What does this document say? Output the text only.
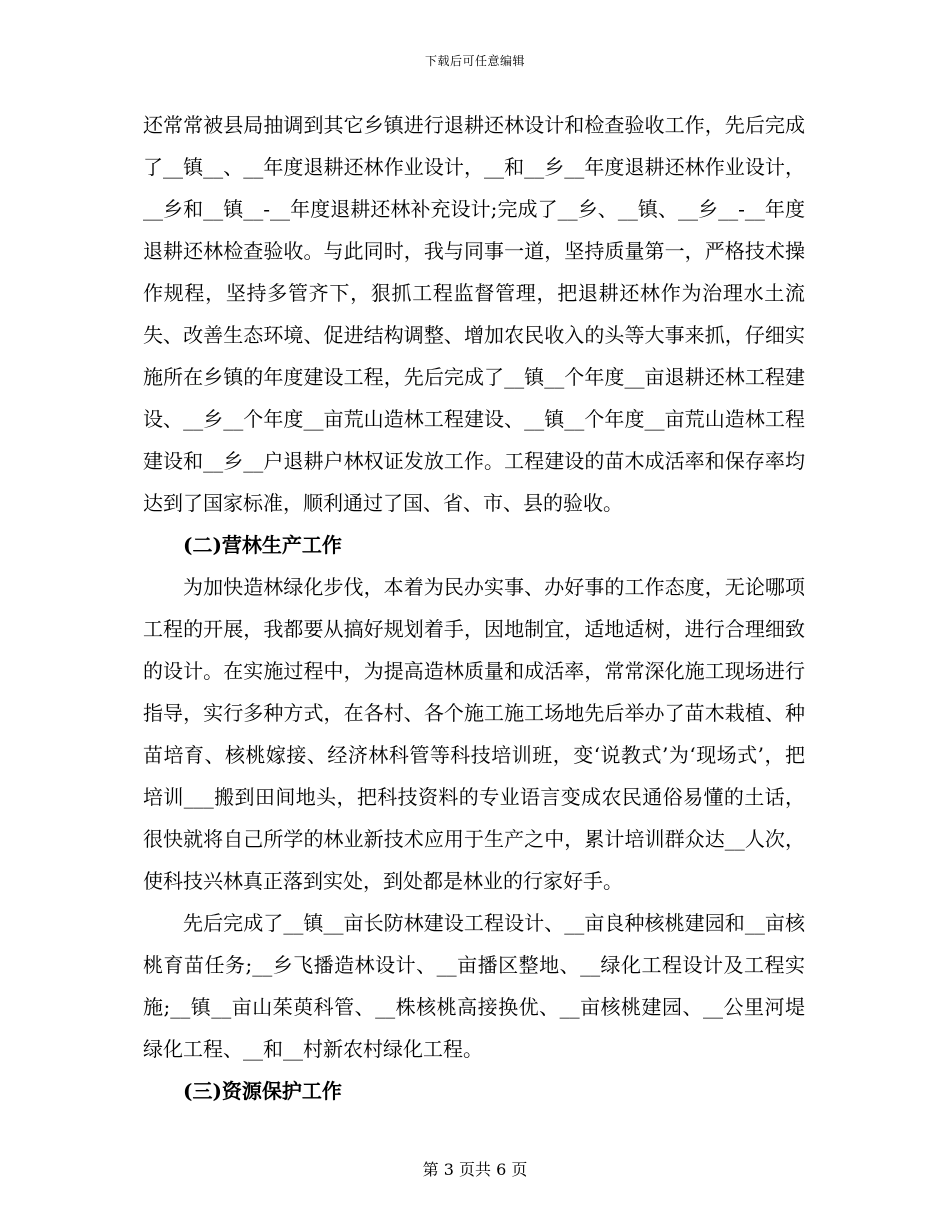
下载后可任意编辑

还常常被县局抽调到其它乡镇进行退耕还林设计和检查验收工作，先后完成了__镇__、__年度退耕还林作业设计，__和__乡__年度退耕还林作业设计，__乡和__镇__-__年度退耕还林补充设计;完成了__乡、__镇、__乡__-__年度退耕还林检查验收。与此同时，我与同事一道，坚持质量第一，严格技术操作规程，坚持多管齐下，狠抓工程监督管理，把退耕还林作为治理水土流失、改善生态环境、促进结构调整、增加农民收入的头等大事来抓，仔细实施所在乡镇的年度建设工程，先后完成了__镇__个年度__亩退耕还林工程建设、__乡__个年度__亩荒山造林工程建设、__镇__个年度__亩荒山造林工程建设和__乡__户退耕户林权证发放工作。工程建设的苗木成活率和保存率均达到了国家标准，顺利通过了国、省、市、县的验收。

(二)营林生产工作

为加快造林绿化步伐，本着为民办实事、办好事的工作态度，无论哪项工程的开展，我都要从搞好规划着手，因地制宜，适地适树，进行合理细致的设计。在实施过程中，为提高造林质量和成活率，常常深化施工现场进行指导，实行多种方式，在各村、各个施工施工场地先后举办了苗木栽植、种苗培育、核桃嫁接、经济林科管等科技培训班，变‘说教式’为‘现场式’，把培训___搬到田间地头，把科技资料的专业语言变成农民通俗易懂的土话，很快就将自己所学的林业新技术应用于生产之中，累计培训群众达__人次，使科技兴林真正落到实处，到处都是林业的行家好手。

先后完成了__镇__亩长防林建设工程设计、__亩良种核桃建园和__亩核桃育苗任务;__乡飞播造林设计、__亩播区整地、__绿化工程设计及工程实施;__镇__亩山茱萸科管、__株核桃高接换优、__亩核桃建园、__公里河堤绿化工程、__和__村新农村绿化工程。

(三)资源保护工作
第 3 页共 6 页
